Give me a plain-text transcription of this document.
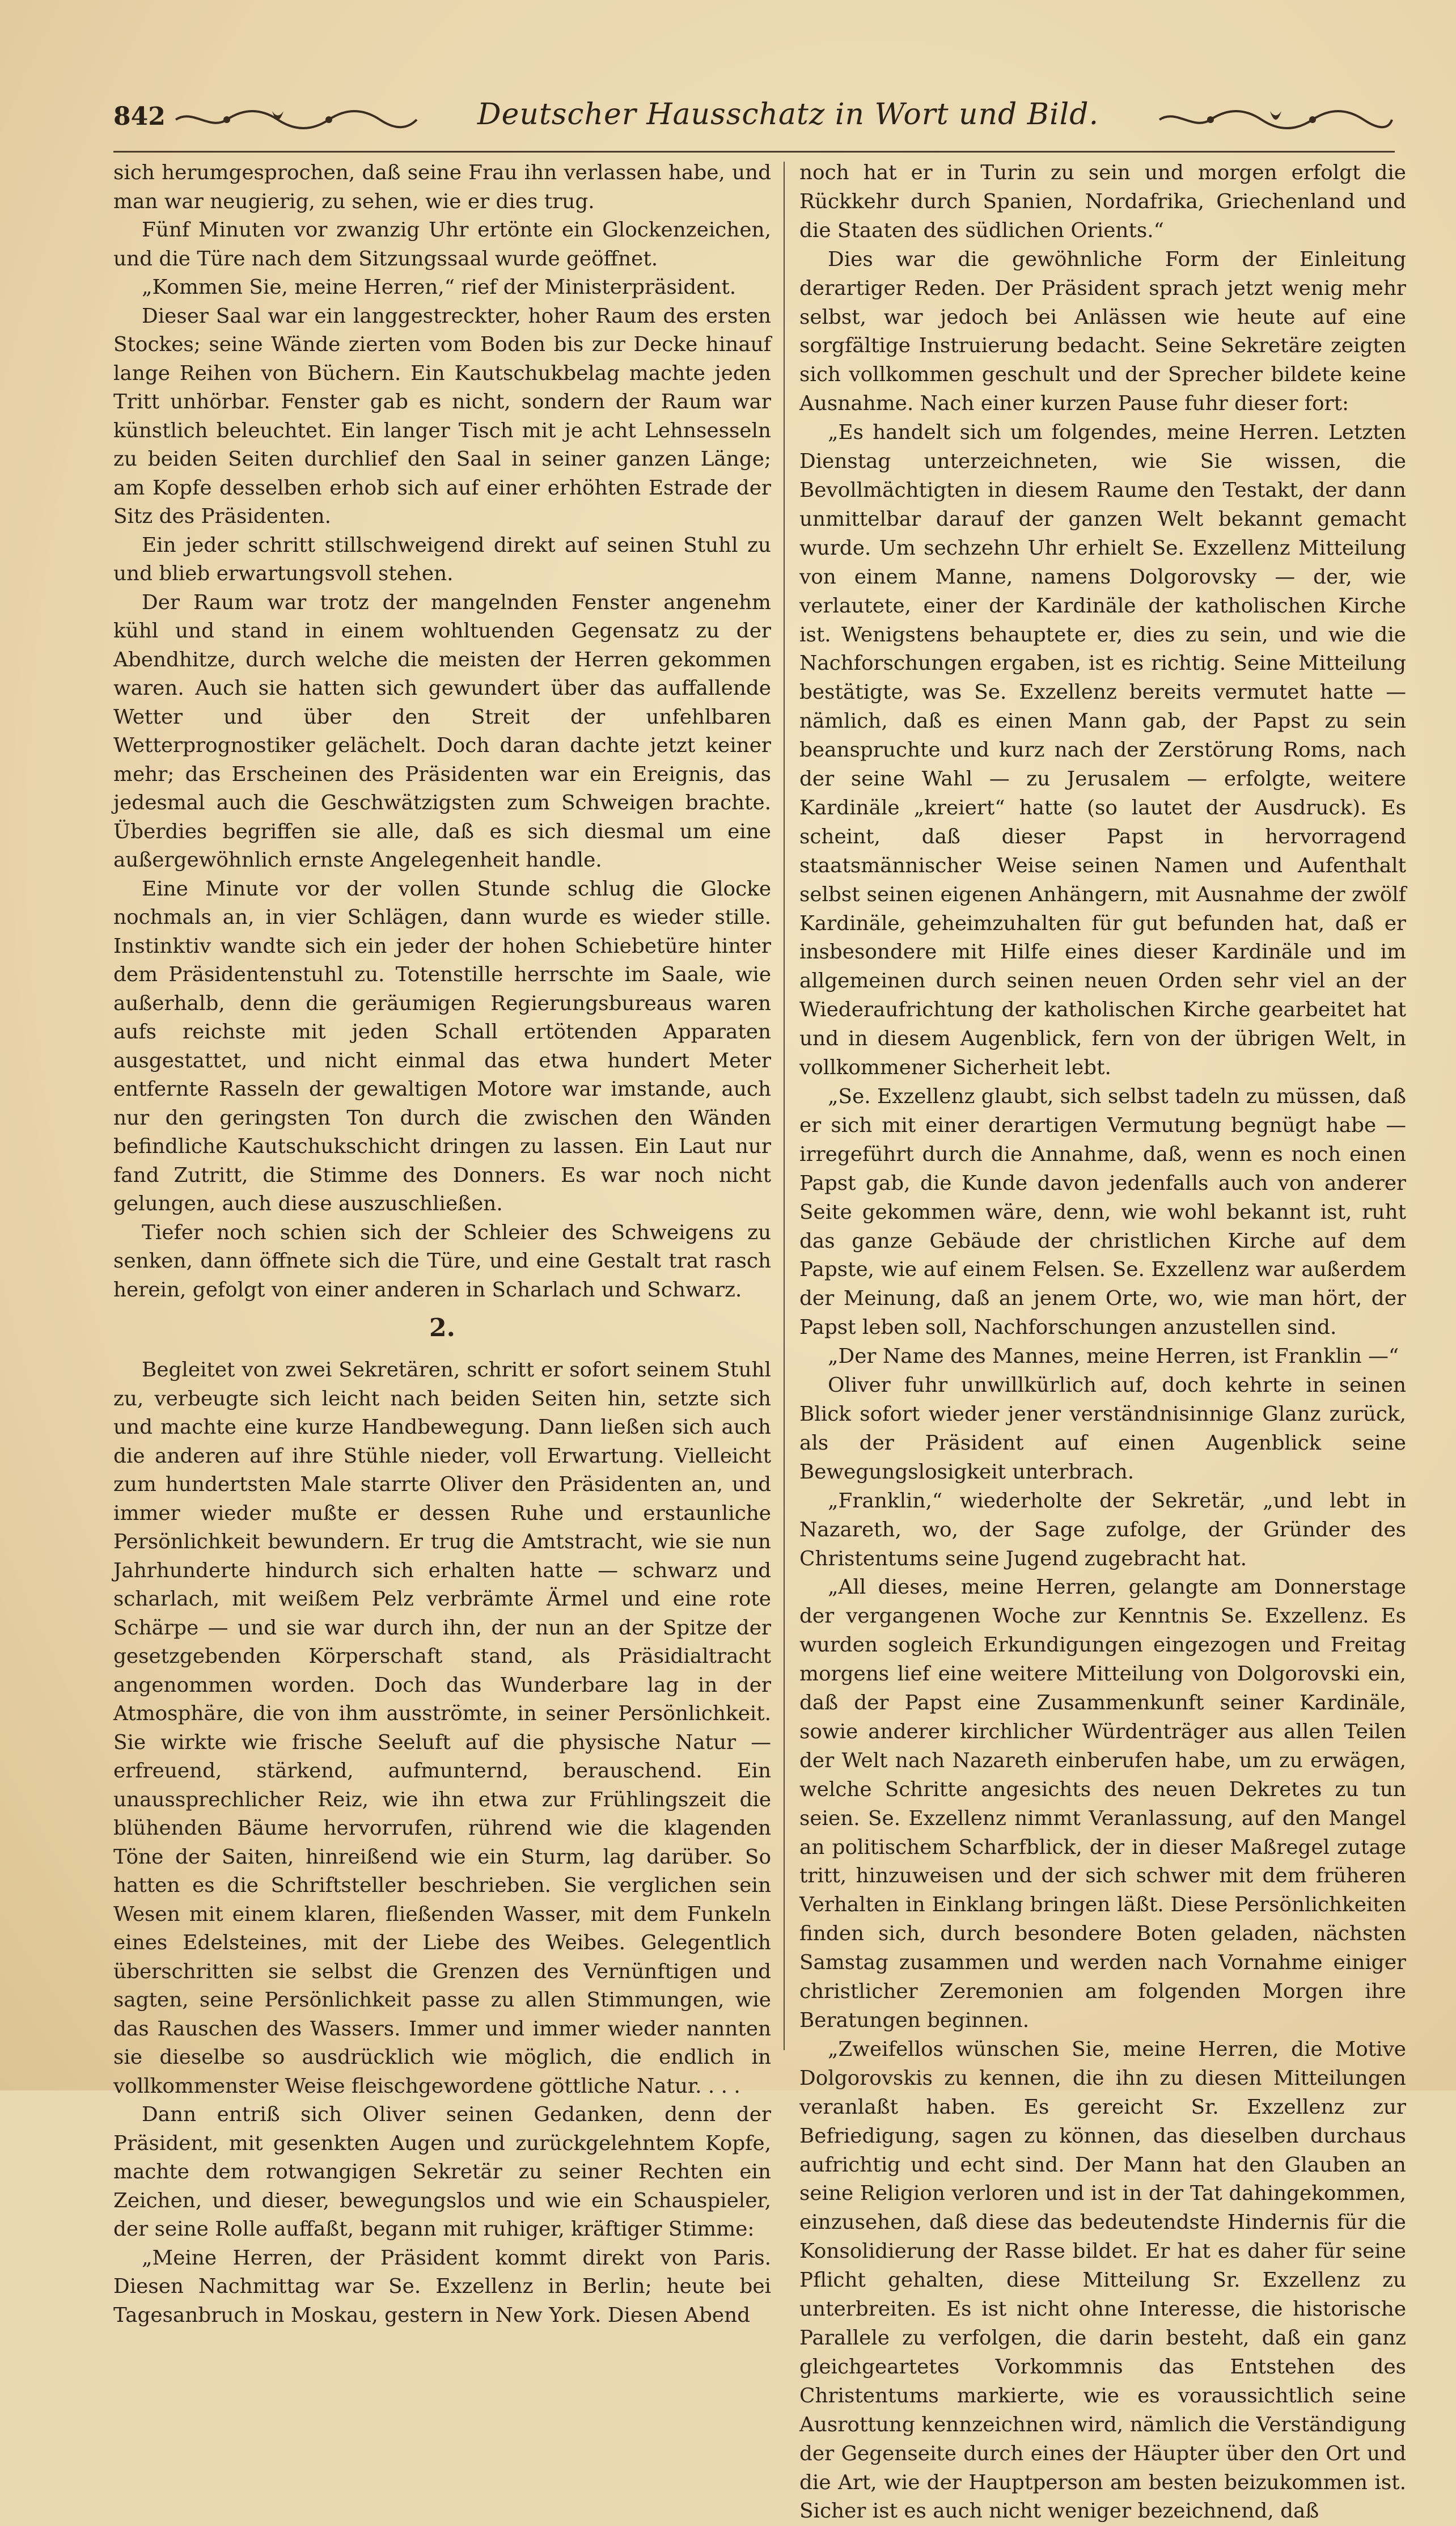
842	Deutscher Hausschatz in Wort und Bild.

sich herumgesprochen, daß seine Frau ihn verlassen habe, und man war neugierig, zu sehen, wie er dies trug.

Fünf Minuten vor zwanzig Uhr ertönte ein Glockenzeichen, und die Türe nach dem Sitzungssaal wurde geöffnet.

„Kommen Sie, meine Herren,“ rief der Ministerpräsident.

Dieser Saal war ein langgestreckter, hoher Raum des ersten Stockes; seine Wände zierten vom Boden bis zur Decke hinauf lange Reihen von Büchern. Ein Kautschukbelag machte jeden Tritt unhörbar. Fenster gab es nicht, sondern der Raum war künstlich beleuchtet. Ein langer Tisch mit je acht Lehnsesseln zu beiden Seiten durchlief den Saal in seiner ganzen Länge; am Kopfe desselben erhob sich auf einer erhöhten Estrade der Sitz des Präsidenten.

Ein jeder schritt stillschweigend direkt auf seinen Stuhl zu und blieb erwartungsvoll stehen.

Der Raum war trotz der mangelnden Fenster angenehm kühl und stand in einem wohltuenden Gegensatz zu der Abendhitze, durch welche die meisten der Herren gekommen waren. Auch sie hatten sich gewundert über das auffallende Wetter und über den Streit der unfehlbaren Wetterprognostiker gelächelt. Doch daran dachte jetzt keiner mehr; das Erscheinen des Präsidenten war ein Ereignis, das jedesmal auch die Geschwätzigsten zum Schweigen brachte. Überdies begriffen sie alle, daß es sich diesmal um eine außergewöhnlich ernste Angelegenheit handle.

Eine Minute vor der vollen Stunde schlug die Glocke nochmals an, in vier Schlägen, dann wurde es wieder stille. Instinktiv wandte sich ein jeder der hohen Schiebetüre hinter dem Präsidentenstuhl zu. Totenstille herrschte im Saale, wie außerhalb, denn die geräumigen Regierungsbureaus waren aufs reichste mit jeden Schall ertötenden Apparaten ausgestattet, und nicht einmal das etwa hundert Meter entfernte Rasseln der gewaltigen Motore war imstande, auch nur den geringsten Ton durch die zwischen den Wänden befindliche Kautschukschicht dringen zu lassen. Ein Laut nur fand Zutritt, die Stimme des Donners. Es war noch nicht gelungen, auch diese auszuschließen.

Tiefer noch schien sich der Schleier des Schweigens zu senken, dann öffnete sich die Türe, und eine Gestalt trat rasch herein, gefolgt von einer anderen in Scharlach und Schwarz.

2.

Begleitet von zwei Sekretären, schritt er sofort seinem Stuhl zu, verbeugte sich leicht nach beiden Seiten hin, setzte sich und machte eine kurze Handbewegung. Dann ließen sich auch die anderen auf ihre Stühle nieder, voll Erwartung. Vielleicht zum hundertsten Male starrte Oliver den Präsidenten an, und immer wieder mußte er dessen Ruhe und erstaunliche Persönlichkeit bewundern. Er trug die Amtstracht, wie sie nun Jahrhunderte hindurch sich erhalten hatte — schwarz und scharlach, mit weißem Pelz verbrämte Ärmel und eine rote Schärpe — und sie war durch ihn, der nun an der Spitze der gesetzgebenden Körperschaft stand, als Präsidialtracht angenommen worden. Doch das Wunderbare lag in der Atmosphäre, die von ihm ausströmte, in seiner Persönlichkeit. Sie wirkte wie frische Seeluft auf die physische Natur — erfreuend, stärkend, aufmunternd, berauschend. Ein unaussprechlicher Reiz, wie ihn etwa zur Frühlingszeit die blühenden Bäume hervorrufen, rührend wie die klagenden Töne der Saiten, hinreißend wie ein Sturm, lag darüber. So hatten es die Schriftsteller beschrieben. Sie verglichen sein Wesen mit einem klaren, fließenden Wasser, mit dem Funkeln eines Edelsteines, mit der Liebe des Weibes. Gelegentlich überschritten sie selbst die Grenzen des Vernünftigen und sagten, seine Persönlichkeit passe zu allen Stimmungen, wie das Rauschen des Wassers. Immer und immer wieder nannten sie dieselbe so ausdrücklich wie möglich, die endlich in vollkommenster Weise fleischgewordene göttliche Natur. . . .

Dann entriß sich Oliver seinen Gedanken, denn der Präsident, mit gesenkten Augen und zurückgelehntem Kopfe, machte dem rotwangigen Sekretär zu seiner Rechten ein Zeichen, und dieser, bewegungslos und wie ein Schauspieler, der seine Rolle auffaßt, begann mit ruhiger, kräftiger Stimme:

„Meine Herren, der Präsident kommt direkt von Paris. Diesen Nachmittag war Se. Exzellenz in Berlin; heute bei Tagesanbruch in Moskau, gestern in New York. Diesen Abend

noch hat er in Turin zu sein und morgen erfolgt die Rückkehr durch Spanien, Nordafrika, Griechenland und die Staaten des südlichen Orients.“

Dies war die gewöhnliche Form der Einleitung derartiger Reden. Der Präsident sprach jetzt wenig mehr selbst, war jedoch bei Anlässen wie heute auf eine sorgfältige Instruierung bedacht. Seine Sekretäre zeigten sich vollkommen geschult und der Sprecher bildete keine Ausnahme. Nach einer kurzen Pause fuhr dieser fort:

„Es handelt sich um folgendes, meine Herren. Letzten Dienstag unterzeichneten, wie Sie wissen, die Bevollmächtigten in diesem Raume den Testakt, der dann unmittelbar darauf der ganzen Welt bekannt gemacht wurde. Um sechzehn Uhr erhielt Se. Exzellenz Mitteilung von einem Manne, namens Dolgorovsky — der, wie verlautete, einer der Kardinäle der katholischen Kirche ist. Wenigstens behauptete er, dies zu sein, und wie die Nachforschungen ergaben, ist es richtig. Seine Mitteilung bestätigte, was Se. Exzellenz bereits vermutet hatte — nämlich, daß es einen Mann gab, der Papst zu sein beanspruchte und kurz nach der Zerstörung Roms, nach der seine Wahl — zu Jerusalem — erfolgte, weitere Kardinäle „kreiert“ hatte (so lautet der Ausdruck). Es scheint, daß dieser Papst in hervorragend staatsmännischer Weise seinen Namen und Aufenthalt selbst seinen eigenen Anhängern, mit Ausnahme der zwölf Kardinäle, geheimzuhalten für gut befunden hat, daß er insbesondere mit Hilfe eines dieser Kardinäle und im allgemeinen durch seinen neuen Orden sehr viel an der Wiederaufrichtung der katholischen Kirche gearbeitet hat und in diesem Augenblick, fern von der übrigen Welt, in vollkommener Sicherheit lebt.

„Se. Exzellenz glaubt, sich selbst tadeln zu müssen, daß er sich mit einer derartigen Vermutung begnügt habe — irregeführt durch die Annahme, daß, wenn es noch einen Papst gab, die Kunde davon jedenfalls auch von anderer Seite gekommen wäre, denn, wie wohl bekannt ist, ruht das ganze Gebäude der christlichen Kirche auf dem Papste, wie auf einem Felsen. Se. Exzellenz war außerdem der Meinung, daß an jenem Orte, wo, wie man hört, der Papst leben soll, Nachforschungen anzustellen sind.

„Der Name des Mannes, meine Herren, ist Franklin —“

Oliver fuhr unwillkürlich auf, doch kehrte in seinen Blick sofort wieder jener verständnisinnige Glanz zurück, als der Präsident auf einen Augenblick seine Bewegungslosigkeit unterbrach.

„Franklin,“ wiederholte der Sekretär, „und lebt in Nazareth, wo, der Sage zufolge, der Gründer des Christentums seine Jugend zugebracht hat.

„All dieses, meine Herren, gelangte am Donnerstage der vergangenen Woche zur Kenntnis Se. Exzellenz. Es wurden sogleich Erkundigungen eingezogen und Freitag morgens lief eine weitere Mitteilung von Dolgorovski ein, daß der Papst eine Zusammenkunft seiner Kardinäle, sowie anderer kirchlicher Würdenträger aus allen Teilen der Welt nach Nazareth einberufen habe, um zu erwägen, welche Schritte angesichts des neuen Dekretes zu tun seien. Se. Exzellenz nimmt Veranlassung, auf den Mangel an politischem Scharfblick, der in dieser Maßregel zutage tritt, hinzuweisen und der sich schwer mit dem früheren Verhalten in Einklang bringen läßt. Diese Persönlichkeiten finden sich, durch besondere Boten geladen, nächsten Samstag zusammen und werden nach Vornahme einiger christlicher Zeremonien am folgenden Morgen ihre Beratungen beginnen.

„Zweifellos wünschen Sie, meine Herren, die Motive Dolgorovskis zu kennen, die ihn zu diesen Mitteilungen veranlaßt haben. Es gereicht Sr. Exzellenz zur Befriedigung, sagen zu können, das dieselben durchaus aufrichtig und echt sind. Der Mann hat den Glauben an seine Religion verloren und ist in der Tat dahingekommen, einzusehen, daß diese das bedeutendste Hindernis für die Konsolidierung der Rasse bildet. Er hat es daher für seine Pflicht gehalten, diese Mitteilung Sr. Exzellenz zu unterbreiten. Es ist nicht ohne Interesse, die historische Parallele zu verfolgen, die darin besteht, daß ein ganz gleichgeartetes Vorkommnis das Entstehen des Christentums markierte, wie es voraussichtlich seine Ausrottung kennzeichnen wird, nämlich die Verständigung der Gegenseite durch eines der Häupter über den Ort und die Art, wie der Hauptperson am besten beizukommen ist. Sicher ist es auch nicht weniger bezeichnend, daß
